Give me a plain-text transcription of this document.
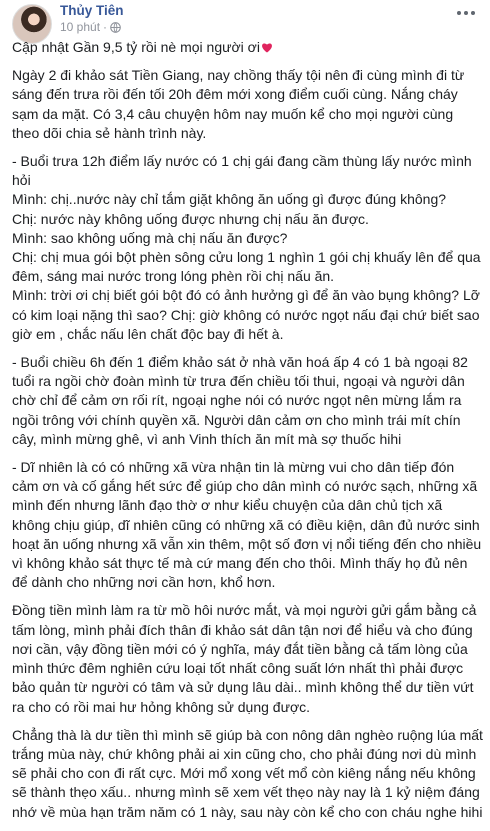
Thủy Tiên
10 phút ·

Cập nhật Gần 9,5 tỷ rồi nè mọi người ơi

Ngày 2 đi khảo sát Tiền Giang, nay chồng thấy tội nên đi cùng mình đi từ sáng đến trưa rồi đến tối 20h đêm mới xong điểm cuối cùng. Nắng cháy sạm da mặt. Có 3,4 câu chuyện hôm nay muốn kể cho mọi người cùng theo dõi chia sẻ hành trình này.

- Buổi trưa 12h điểm lấy nước có 1 chị gái đang cầm thùng lấy nước mình hỏi
Mình: chị..nước này chỉ tắm giặt không ăn uống gì được đúng không?
Chị: nước này không uống được nhưng chị nấu ăn được.
Mình: sao không uống mà chị nấu ăn được?
Chị: chị mua gói bột phèn sông cửu long 1 nghìn 1 gói chị khuấy lên để qua đêm, sáng mai nước trong lóng phèn rồi chị nấu ăn.
Mình: trời ơi chị biết gói bột đó có ảnh hưởng gì để ăn vào bụng không? Lỡ có kim loại nặng thì sao? Chị: giờ không có nước ngọt nấu đại chứ biết sao giờ em , chắc nấu lên chất độc bay đi hết à.

- Buổi chiều 6h đến 1 điểm khảo sát ở nhà văn hoá ấp 4 có 1 bà ngoại 82 tuổi ra ngồi chờ đoàn mình từ trưa đến chiều tối thui, ngoại và người dân chờ chỉ để cảm ơn rối rít, ngoại nghe nói có nước ngọt nên mừng lắm ra ngồi trông với chính quyền xã. Người dân cảm ơn cho mình trái mít chín cây, mình mừng ghê, vì anh Vinh thích ăn mít mà sợ thuốc hihi

- Dĩ nhiên là có có những xã vừa nhận tin là mừng vui cho dân tiếp đón cảm ơn và cố gắng hết sức để giúp cho dân mình có nước sạch, những xã mình đến nhưng lãnh đạo thờ ơ như kiểu chuyện của dân chủ tịch xã không chịu giúp, dĩ nhiên cũng có những xã có điều kiện, dân đủ nước sinh hoạt ăn uống nhưng xã vẫn xin thêm, một số đơn vị nổi tiếng đến cho nhiều vì không khảo sát thực tế mà cứ mang đến cho thôi. Mình thấy họ đủ nên để dành cho những nơi cần hơn, khổ hơn.

Đồng tiền mình làm ra từ mồ hôi nước mắt, và mọi người gửi gắm bằng cả tấm lòng, mình phải đích thân đi khảo sát dân tận nơi để hiểu và cho đúng nơi cần, vậy đồng tiền mới có ý nghĩa, máy đắt tiền bằng cả tấm lòng của mình thức đêm nghiên cứu loại tốt nhất công suất lớn nhất thì phải được bảo quản từ người có tâm và sử dụng lâu dài.. mình không thể dư tiền vứt ra cho có rồi mai hư hỏng không sử dụng được.

Chẳng thà là dư tiền thì mình sẽ giúp bà con nông dân nghèo ruộng lúa mất trắng mùa này, chứ không phải ai xin cũng cho, cho phải đúng nơi dù mình sẽ phải cho con đi rất cực. Mới mổ xong vết mổ còn kiêng nắng nếu không sẽ thành thẹo xấu.. nhưng mình sẽ xem vết thẹo này nay là 1 kỷ niệm đáng nhớ về mùa hạn trăm năm có 1 này, sau này còn kể cho con cháu nghe hihi
